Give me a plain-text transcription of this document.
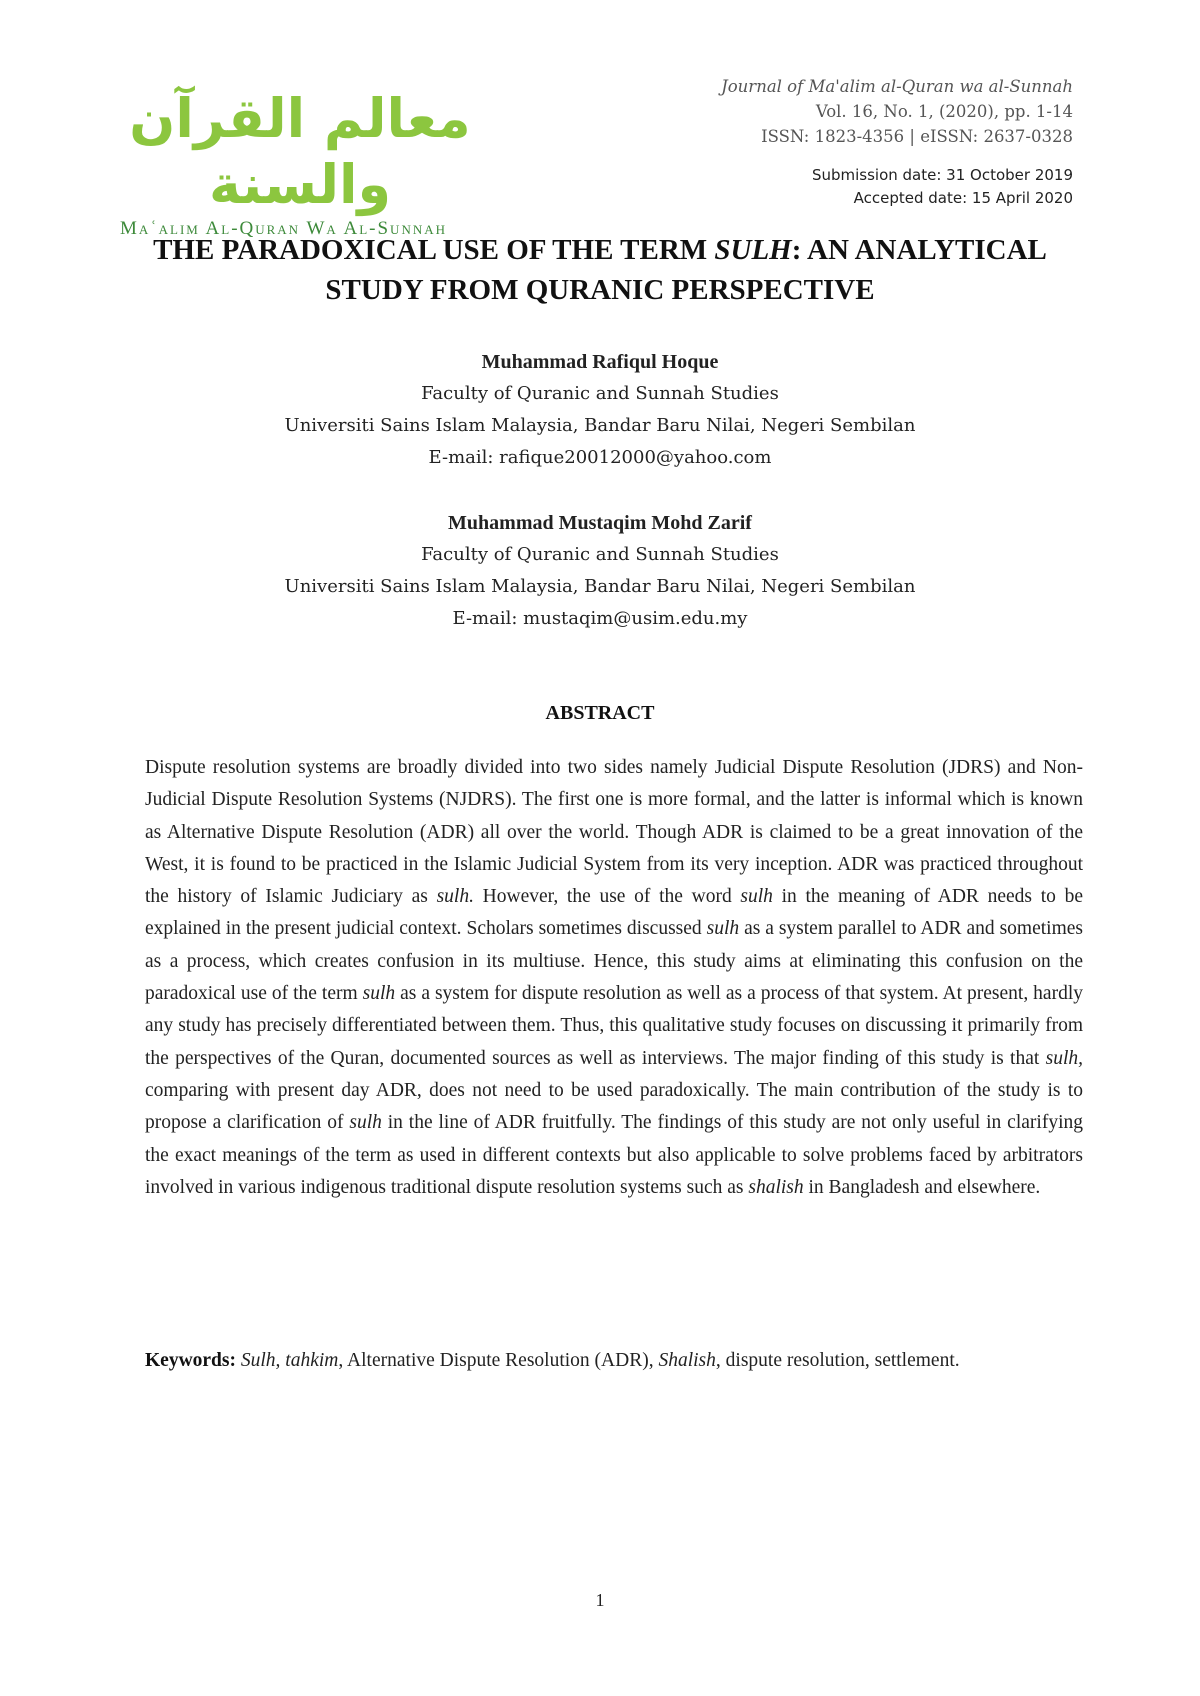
معالم القرآن والسنة
Maʿalim Al-Quran Wa Al-Sunnah
Journal of Ma'alim al-Quran wa al-Sunnah
Vol. 16, No. 1, (2020), pp. 1-14
ISSN: 1823-4356 | eISSN: 2637-0328
Submission date: 31 October 2019
Accepted date: 15 April 2020
THE PARADOXICAL USE OF THE TERM SULH: AN ANALYTICAL STUDY FROM QURANIC PERSPECTIVE
Muhammad Rafiqul Hoque
Faculty of Quranic and Sunnah Studies
Universiti Sains Islam Malaysia, Bandar Baru Nilai, Negeri Sembilan
E-mail: rafique20012000@yahoo.com
Muhammad Mustaqim Mohd Zarif
Faculty of Quranic and Sunnah Studies
Universiti Sains Islam Malaysia, Bandar Baru Nilai, Negeri Sembilan
E-mail: mustaqim@usim.edu.my
ABSTRACT

Dispute resolution systems are broadly divided into two sides namely Judicial Dispute Resolution (JDRS) and Non-Judicial Dispute Resolution Systems (NJDRS). The first one is more formal, and the latter is informal which is known as Alternative Dispute Resolution (ADR) all over the world. Though ADR is claimed to be a great innovation of the West, it is found to be practiced in the Islamic Judicial System from its very inception. ADR was practiced throughout the history of Islamic Judiciary as sulh. However, the use of the word sulh in the meaning of ADR needs to be explained in the present judicial context. Scholars sometimes discussed sulh as a system parallel to ADR and sometimes as a process, which creates confusion in its multiuse. Hence, this study aims at eliminating this confusion on the paradoxical use of the term sulh as a system for dispute resolution as well as a process of that system. At present, hardly any study has precisely differentiated between them. Thus, this qualitative study focuses on discussing it primarily from the perspectives of the Quran, documented sources as well as interviews. The major finding of this study is that sulh, comparing with present day ADR, does not need to be used paradoxically. The main contribution of the study is to propose a clarification of sulh in the line of ADR fruitfully. The findings of this study are not only useful in clarifying the exact meanings of the term as used in different contexts but also applicable to solve problems faced by arbitrators involved in various indigenous traditional dispute resolution systems such as shalish in Bangladesh and elsewhere.

Keywords: Sulh, tahkim, Alternative Dispute Resolution (ADR), Shalish, dispute resolution, settlement.

1
